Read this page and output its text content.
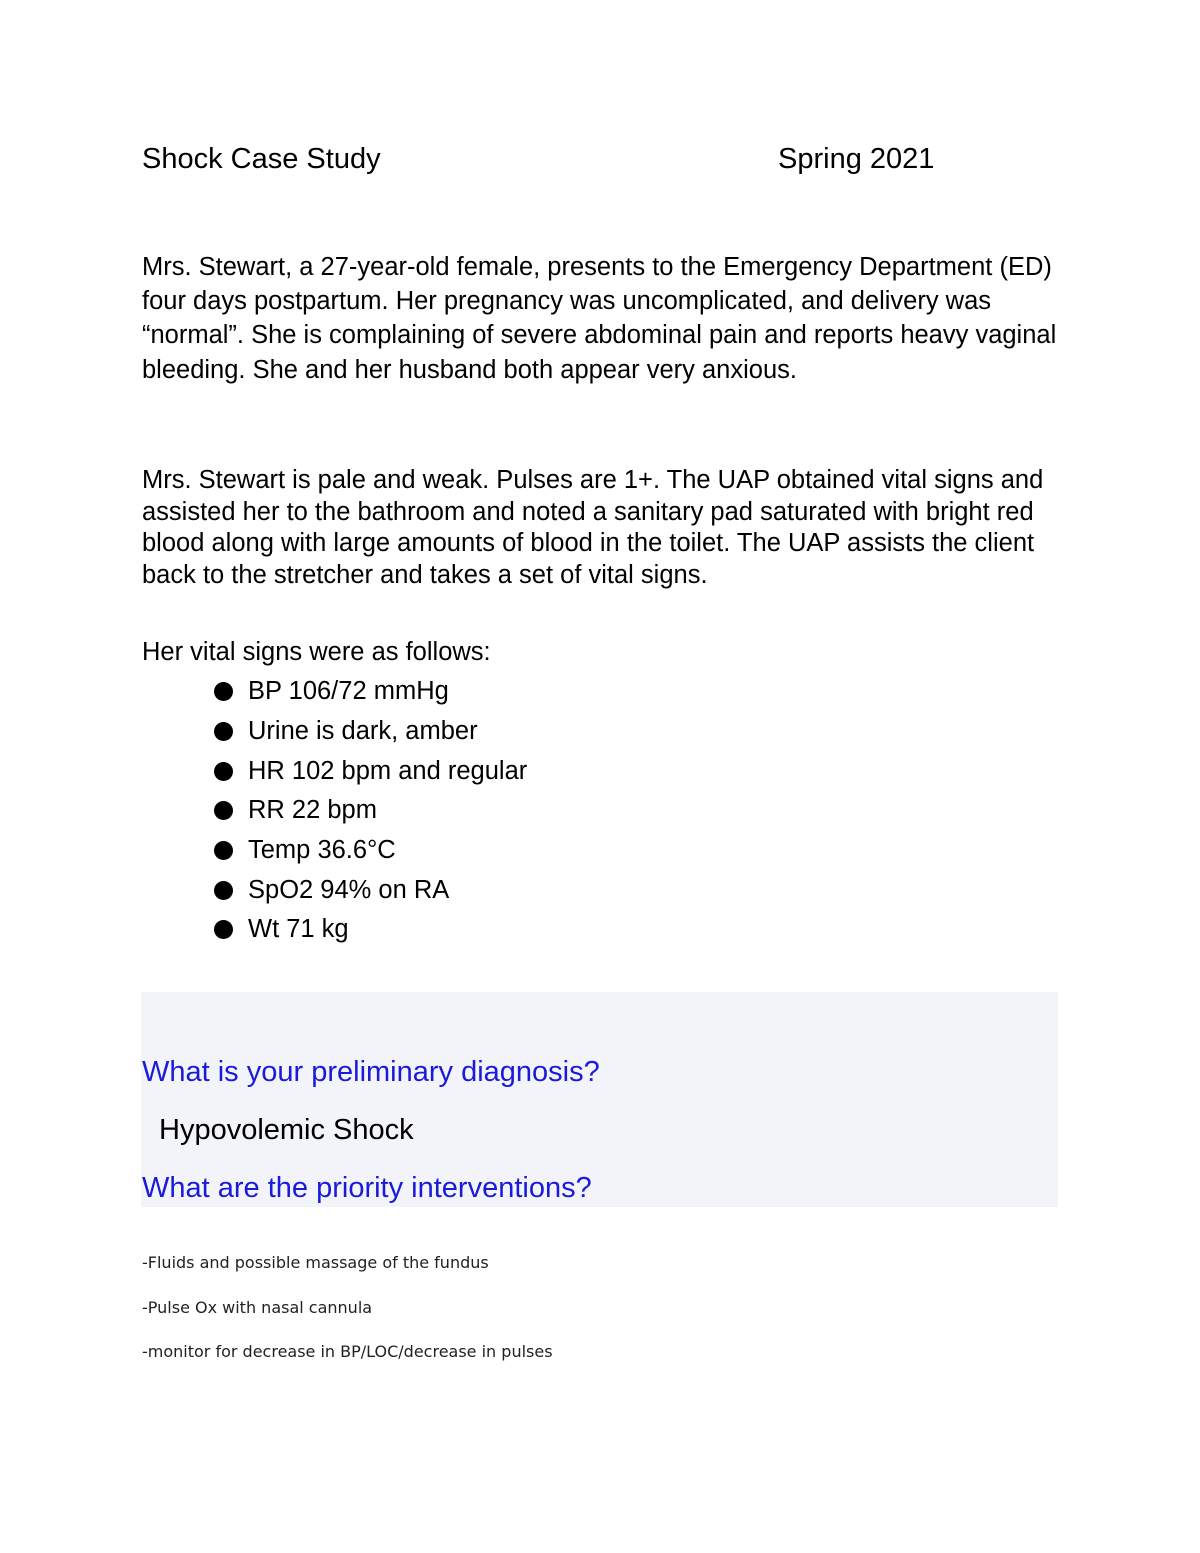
Shock Case Study	Spring 2021

Mrs. Stewart, a 27-year-old female, presents to the Emergency Department (ED) four days postpartum. Her pregnancy was uncomplicated, and delivery was “normal”. She is complaining of severe abdominal pain and reports heavy vaginal bleeding. She and her husband both appear very anxious.

Mrs. Stewart is pale and weak. Pulses are 1+. The UAP obtained vital signs and assisted her to the bathroom and noted a sanitary pad saturated with bright red blood along with large amounts of blood in the toilet. The UAP assists the client back to the stretcher and takes a set of vital signs.

Her vital signs were as follows:

BP 106/72 mmHg
Urine is dark, amber
HR 102 bpm and regular
RR 22 bpm
Temp 36.6°C
SpO2 94% on RA
Wt 71 kg
What is your preliminary diagnosis?
Hypovolemic Shock
What are the priority interventions?
-Fluids and possible massage of the fundus
-Pulse Ox with nasal cannula
-monitor for decrease in BP/LOC/decrease in pulses
